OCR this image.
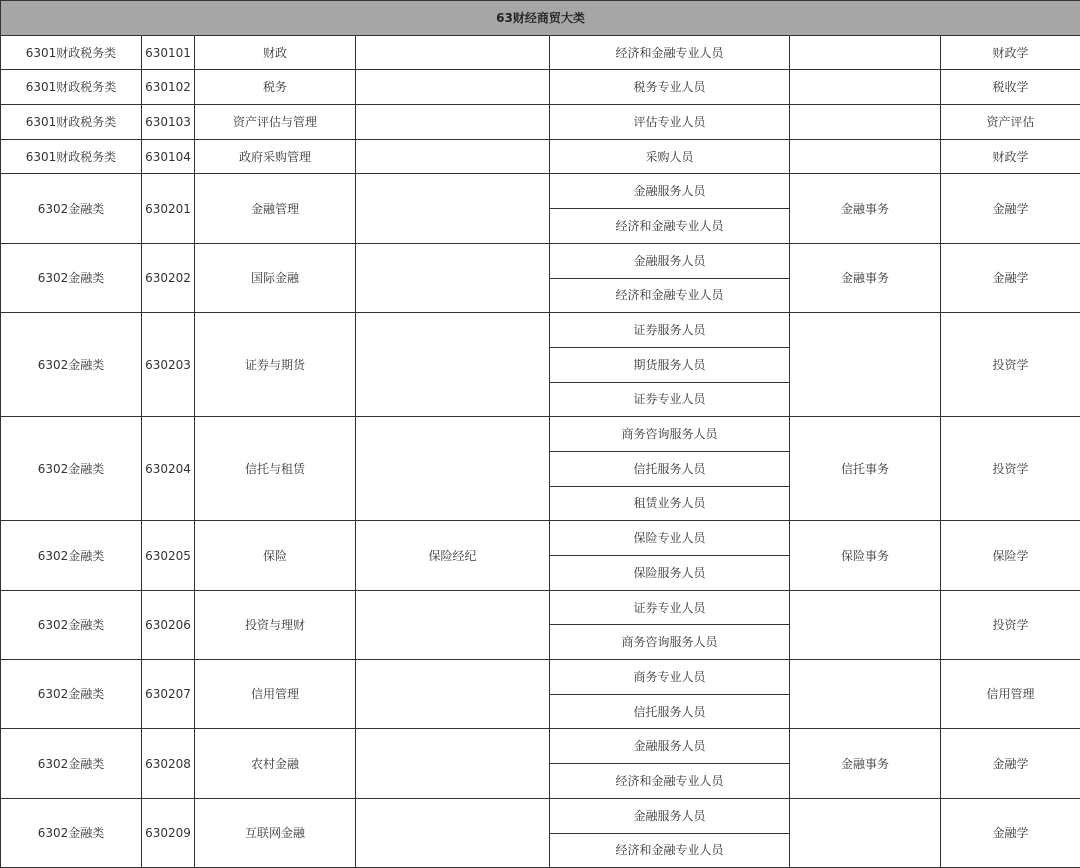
63财经商贸大类						
6301财政税务类	630101	财政		经济和金融专业人员		财政学
6301财政税务类	630102	税务		税务专业人员		税收学
6301财政税务类	630103	资产评估与管理		评估专业人员		资产评估
6301财政税务类	630104	政府采购管理		采购人员		财政学
6302金融类	630201	金融管理		金融服务人员	金融事务	金融学
				经济和金融专业人员		
6302金融类	630202	国际金融		金融服务人员	金融事务	金融学
				经济和金融专业人员		
6302金融类	630203	证券与期货		证券服务人员		投资学
				期货服务人员		
				证券专业人员		
6302金融类	630204	信托与租赁		商务咨询服务人员	信托事务	投资学
				信托服务人员		
				租赁业务人员		
6302金融类	630205	保险	保险经纪	保险专业人员	保险事务	保险学
				保险服务人员		
6302金融类	630206	投资与理财		证券专业人员		投资学
				商务咨询服务人员		
6302金融类	630207	信用管理		商务专业人员		信用管理
				信托服务人员		
6302金融类	630208	农村金融		金融服务人员	金融事务	金融学
				经济和金融专业人员		
6302金融类	630209	互联网金融		金融服务人员		金融学
				经济和金融专业人员		
